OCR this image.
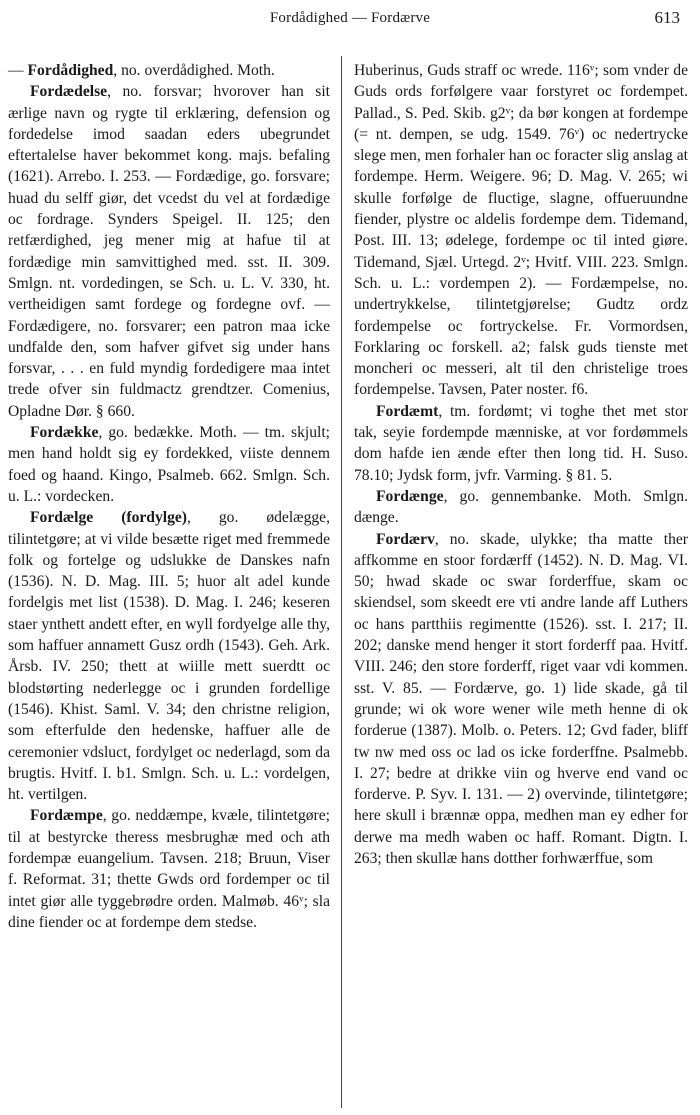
Fordådighed — Fordærve	613

— Fordådighed, no. overdådighed. Moth.

Fordædelse, no. forsvar; hvorover han sit ærlige navn og rygte til erklæring, defension og fordedelse imod saadan eders ubegrundet eftertalelse haver bekommet kong. majs. befaling (1621). Arrebo. I. 253. — Fordædige, go. forsvare; huad du selff giør, det vcedst du vel at fordædige oc fordrage. Synders Speigel. II. 125; den retfærdighed, jeg mener mig at hafue til at fordædige min samvittighed med. sst. II. 309. Smlgn. nt. vordedingen, se Sch. u. L. V. 330, ht. vertheidigen samt fordege og fordegne ovf. — Fordædigere, no. forsvarer; een patron maa icke undfalde den, som hafver gifvet sig under hans forsvar, . . . en fuld myndig fordedigere maa intet trede ofver sin fuldmactz grendtzer. Comenius, Opladne Dør. § 660.

Fordække, go. bedække. Moth. — tm. skjult; men hand holdt sig ey fordekked, viiste dennem foed og haand. Kingo, Psalmeb. 662. Smlgn. Sch. u. L.: vordecken.

Fordælge (fordylge), go. ødelægge, tilintetgøre; at vi vilde besætte riget med fremmede folk og fortelge og udslukke de Danskes nafn (1536). N. D. Mag. III. 5; huor alt adel kunde fordelgis met list (1538). D. Mag. I. 246; keseren staer ynthett andett efter, en wyll fordyelge alle thy, som haffuer annamett Gusz ordh (1543). Geh. Ark. Årsb. IV. 250; thett at wiille mett suerdtt oc blodstørting nederlegge oc i grunden fordellige (1546). Khist. Saml. V. 34; den christne religion, som efterfulde den hedenske, haffuer alle de ceremonier vdsluct, fordylget oc nederlagd, som da brugtis. Hvitf. I. b1. Smlgn. Sch. u. L.: vordelgen, ht. vertilgen.

Fordæmpe, go. neddæmpe, kvæle, tilintetgøre; til at bestyrcke theress mesbrughæ med och ath fordempæ euangelium. Tavsen. 218; Bruun, Viser f. Reformat. 31; thette Gwds ord fordemper oc til intet giør alle tyggebrødre orden. Malmøb. 46ᵛ; sla dine fiender oc at fordempe dem stedse.

Huberinus, Guds straff oc wrede. 116ᵛ; som vnder de Guds ords forfølgere vaar forstyret oc fordempet. Pallad., S. Ped. Skib. g2ᵛ; da bør kongen at fordempe (= nt. dempen, se udg. 1549. 76ᵛ) oc nedertrycke slege men, men forhaler han oc foracter slig anslag at fordempe. Herm. Weigere. 96; D. Mag. V. 265; wi skulle forfølge de fluctige, slagne, offueruundne fiender, plystre oc aldelis fordempe dem. Tidemand, Post. III. 13; ødelege, fordempe oc til inted giøre. Tidemand, Sjæl. Urtegd. 2ᵛ; Hvitf. VIII. 223. Smlgn. Sch. u. L.: vordempen 2). — Fordæmpelse, no. undertrykkelse, tilintetgjørelse; Gudtz ordz fordempelse oc fortryckelse. Fr. Vormordsen, Forklaring oc forskell. a2; falsk guds tienste met moncheri oc messeri, alt til den christelige troes fordempelse. Tavsen, Pater noster. f6.

Fordæmt, tm. fordømt; vi toghe thet met stor tak, seyie fordempde mænniske, at vor fordømmels dom hafde ien ænde efter then long tid. H. Suso. 78.10; Jydsk form, jvfr. Varming. § 81. 5.

Fordænge, go. gennembanke. Moth. Smlgn. dænge.

Fordærv, no. skade, ulykke; tha matte ther affkomme en stoor fordærff (1452). N. D. Mag. VI. 50; hwad skade oc swar forderffue, skam oc skiendsel, som skeedt ere vti andre lande aff Luthers oc hans partthiis regimentte (1526). sst. I. 217; II. 202; danske mend henger it stort forderff paa. Hvitf. VIII. 246; den store forderff, riget vaar vdi kommen. sst. V. 85. — Fordærve, go. 1) lide skade, gå til grunde; wi ok wore wener wile meth henne di ok forderue (1387). Molb. o. Peters. 12; Gvd fader, bliff tw nw med oss oc lad os icke forderffne. Psalmebb. I. 27; bedre at drikke viin og hverve end vand oc forderve. P. Syv. I. 131. — 2) overvinde, tilintetgøre; here skull i brænnæ oppa, medhen man ey edher for derwe ma medh waben oc haff. Romant. Digtn. I. 263; then skullæ hans dotther forhwærffue, som
